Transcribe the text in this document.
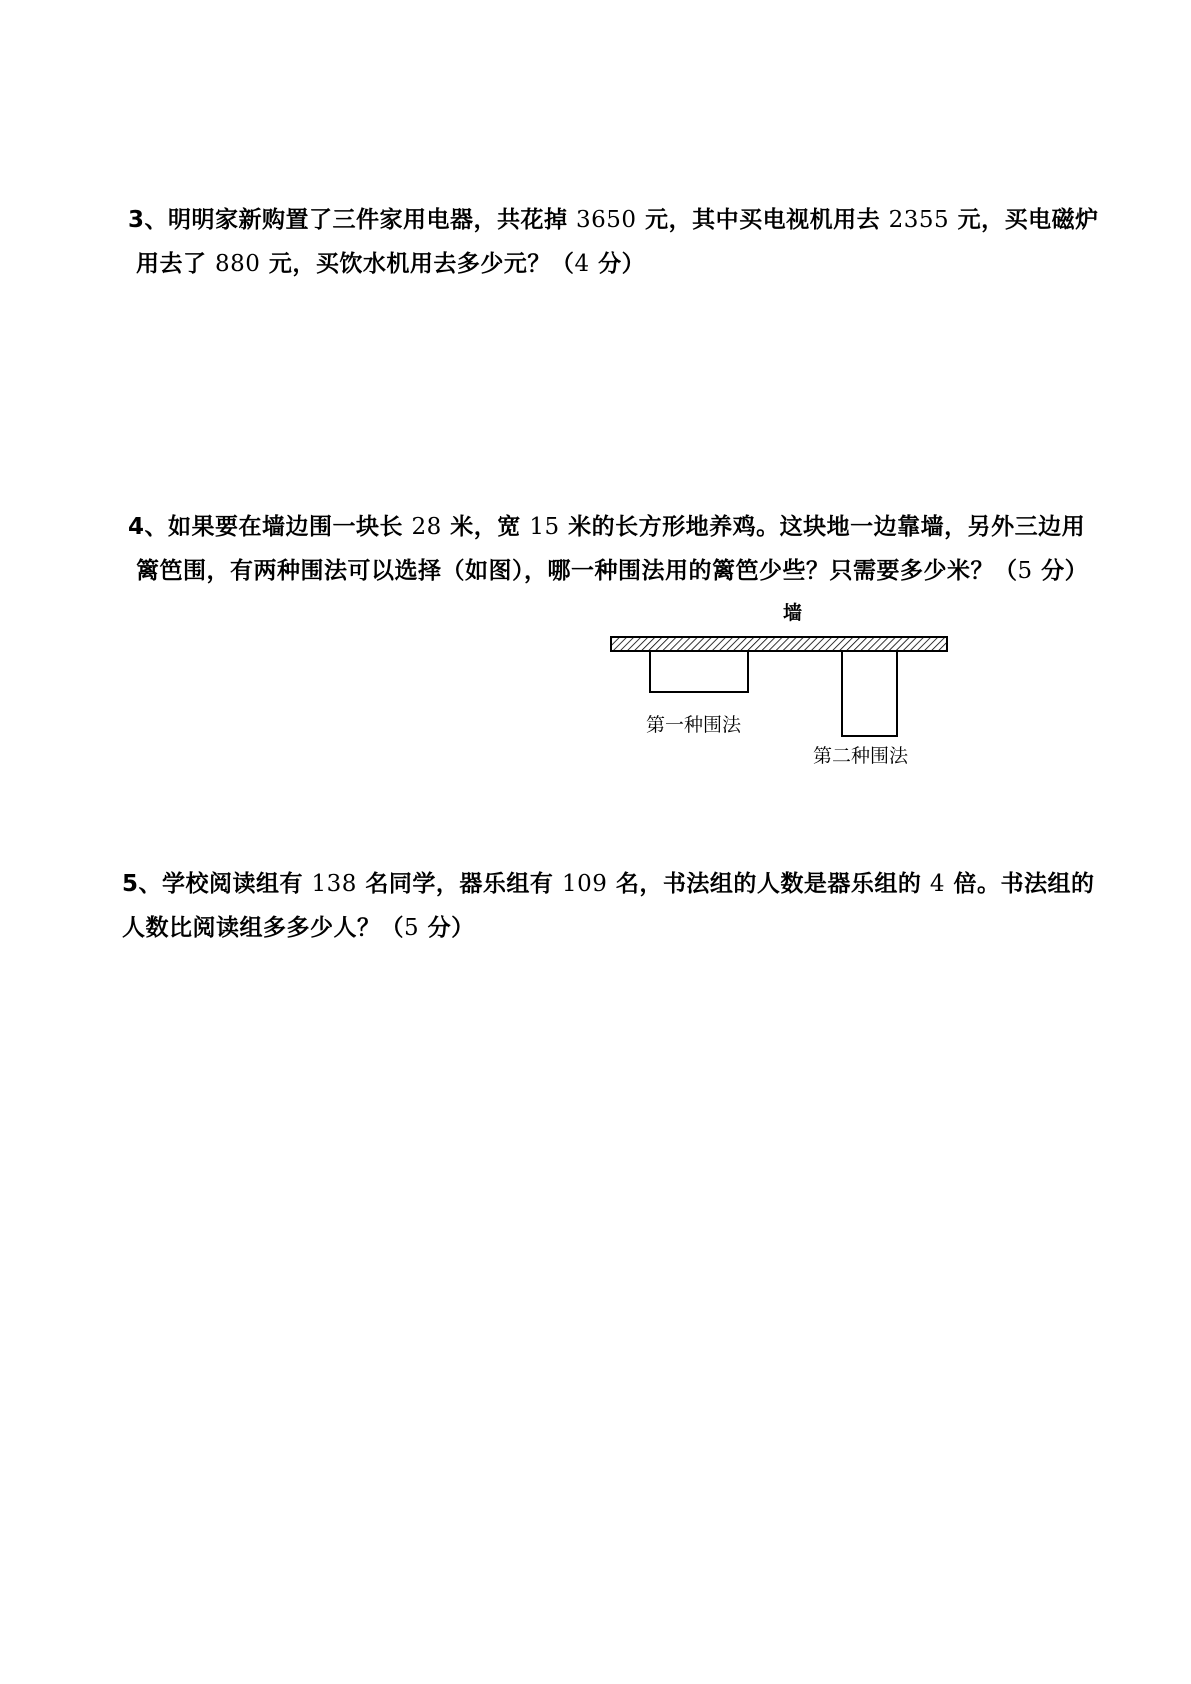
3、明明家新购置了三件家用电器，共花掉 3650 元，其中买电视机用去 2355 元，买电磁炉
用去了 880 元，买饮水机用去多少元？（4 分）
4、如果要在墙边围一块长 28 米，宽 15 米的长方形地养鸡。这块地一边靠墙，另外三边用
篱笆围，有两种围法可以选择（如图），哪一种围法用的篱笆少些？只需要多少米？（5 分）
墙
第一种围法
第二种围法
5、学校阅读组有 138 名同学，器乐组有 109 名，书法组的人数是器乐组的 4 倍。书法组的
人数比阅读组多多少人？（5 分）
